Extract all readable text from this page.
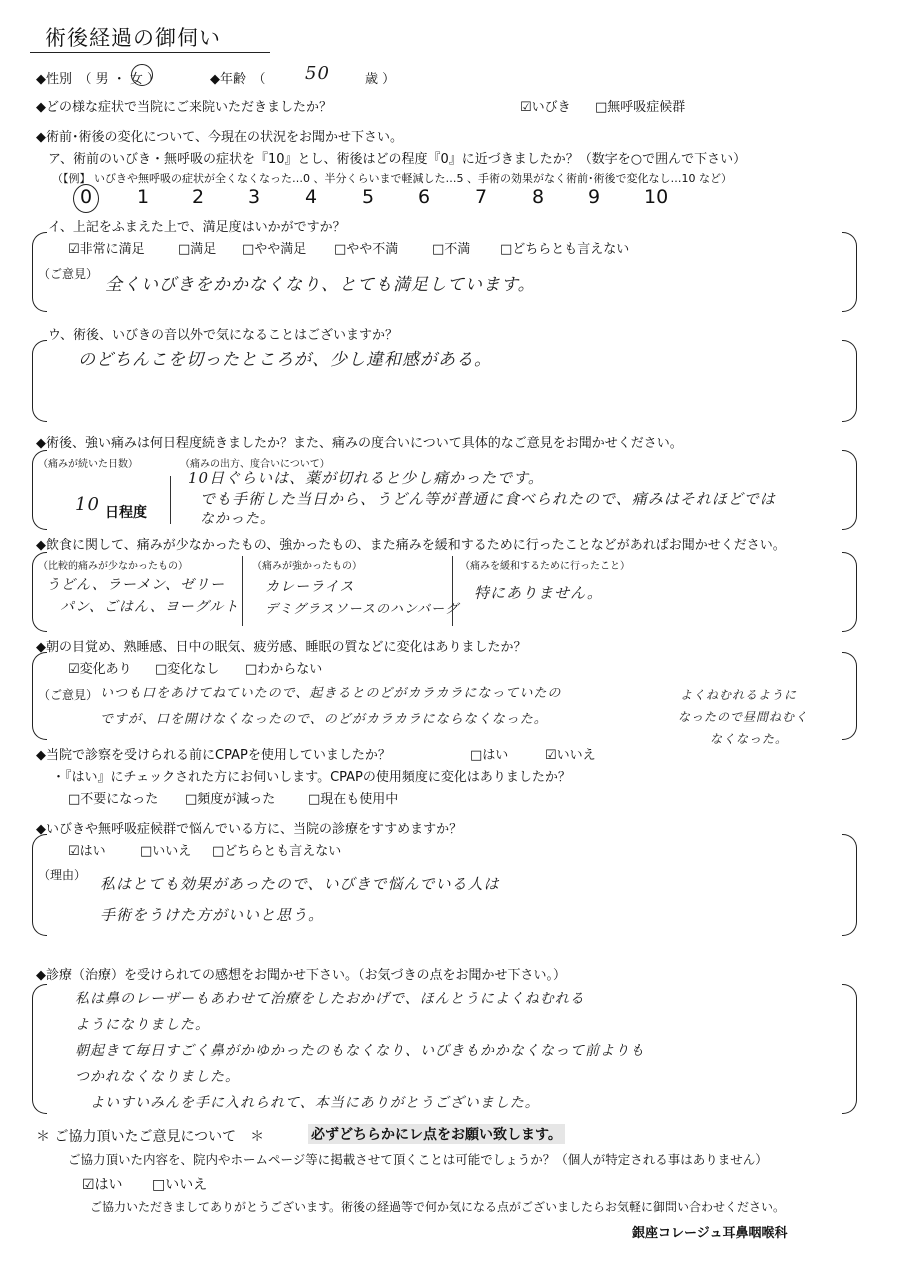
術後経過の御伺い
◆性別　（ 男 ・ 女 ）	◆年齢　（ 50	歳 ）
◆どの様な症状で当院にご来院いただきましたか？	☑いびき □無呼吸症候群
◆術前･術後の変化について、今現在の状況をお聞かせ下さい。
ア、術前のいびき・無呼吸の症状を『10』とし、術後はどの程度『0』に近づきましたか？（数字を○で囲んで下さい）
（【例】 いびきや無呼吸の症状が全くなくなった…0 、半分くらいまで軽減した…5 、手術の効果がなく術前･術後で変化なし…10 など）
0 1 2 3 4 5 6 7 8 9 10
イ、上記をふまえた上で、満足度はいかがですか？
☑非常に満足	□満足 □やや満足 □やや不満	□不満 □どちらとも言えない
（ご意見）
全くいびきをかかなくなり、とても満足しています。
ウ、術後、いびきの音以外で気になることはございますか？
のどちんこを切ったところが、少し違和感がある。
◆術後、強い痛みは何日程度続きましたか？また、痛みの度合いについて具体的なご意見をお聞かせください。
（痛みが続いた日数）
10 日程度
（痛みの出方、度合いについて）
10日ぐらいは、薬が切れると少し痛かったです。
でも手術した当日から、うどん等が普通に食べられたので、痛みはそれほどでは
なかった。
◆飲食に関して、痛みが少なかったもの、強かったもの、また痛みを緩和するために行ったことなどがあればお聞かせください。
（比較的痛みが少なかったもの）
うどん、ラーメン、ゼリー
パン、ごはん、ヨーグルト
（痛みが強かったもの）
カレーライス
デミグラスソースのハンバーグ
（痛みを緩和するために行ったこと）
特にありません。
◆朝の目覚め、熟睡感、日中の眠気、疲労感、睡眠の質などに変化はありましたか？
☑変化あり □変化なし □わからない
（ご意見） いつも口をあけてねていたので、起きるとのどがカラカラになっていたの
ですが、口を開けなくなったので、のどがカラカラにならなくなった。
よくねむれるように
なったので昼間ねむく
なくなった。
◆当院で診察を受けられる前にCPAPを使用していましたか？	□はい	☑いいえ
・『はい』にチェックされた方にお伺いします。CPAPの使用頻度に変化はありましたか？
□不要になった □頻度が減った	□現在も使用中
◆いびきや無呼吸症候群で悩んでいる方に、当院の診療をすすめますか？
☑はい	□いいえ □どちらとも言えない
（理由） 私はとても効果があったので、いびきで悩んでいる人は
手術をうけた方がいいと思う。
◆診療（治療）を受けられての感想をお聞かせ下さい。（お気づきの点をお聞かせ下さい。）
私は鼻のレーザーもあわせて治療をしたおかげで、ほんとうによくねむれる
ようになりました。
朝起きて毎日すごく鼻がかゆかったのもなくなり、いびきもかかなくなって前よりも
つかれなくなりました。
よいすいみんを手に入れられて、本当にありがとうございました。
＊ ご協力頂いたご意見について　＊	必ずどちらかにレ点をお願い致します。
ご協力頂いた内容を、院内やホームページ等に掲載させて頂くことは可能でしょうか？（個人が特定される事はありません）
☑はい □いいえ
ご協力いただきましてありがとうございます。術後の経過等で何か気になる点がございましたらお気軽に御問い合わせください。
銀座コレージュ耳鼻咽喉科
